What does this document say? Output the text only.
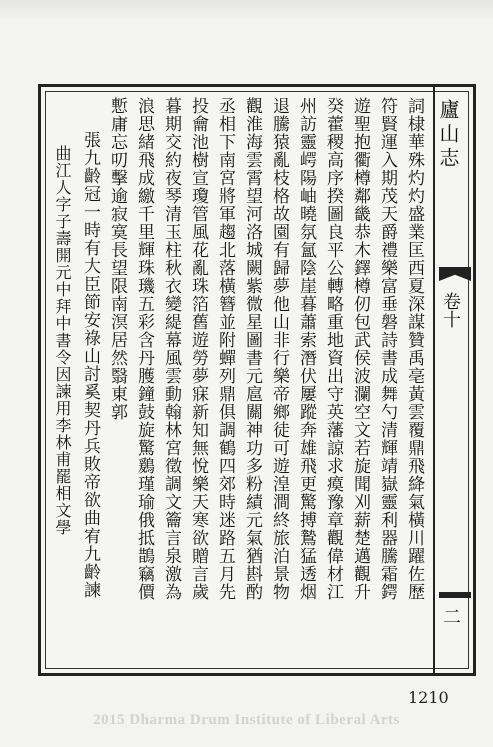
廬山志
卷十
二
詞棣華殊灼灼盛業匡西夏深謀贊禹亳黃雲覆鼎飛絳氣橫川躍佐歷
符賢運入期茂天爵禮樂富垂磐詩書成舞勺清輝靖嶽靈利器騰霜鍔
遊聖抱衢樽鄰畿恭木鐸樽仞包武侯波瀾空文若旋聞刈薪楚邁觀升
癸藿稷高序揆圖良平公轉略重地資出守英藩諒求瘼豫章觀偉材江
州訪靈崿陽岫曉氛氳陰崖暮蕭索潛伏屢蹤奔雄飛更驚搏鷙猛透烟
退騰猿亂枝格故園有歸夢他山非行樂帝鄉徒可遊湟澗終旅泊景物
觀淮海雲霄望河洛城闕紫微星圖書元扈關神功多粉績元氣猶斟酌
丞相下南宮將軍趨北落橫簪並附蟬列鼎俱調鶴四郊時迷路五月先
投龠池樹宣瓊管風花亂珠箔舊遊勞夢寐新知無悅樂天寒欲贈言歲
暮期交約夜琴清玉柱秋衣變緹幕風雲動翰林宮徵調文籥言泉激為
浪思緒飛成繳千里輝珠璣五彩含丹臒鐘鼓旋驚鶢瑾瑜俄抵鵲竊價
慙庸忘叨擊逾寂寞長望限南溟居然翳東郭
張九齡冠一時有大臣節安祿山討奚契丹兵敗帝欲曲宥九齡諫
曲江人字子壽開元中拜中書令因諫用李林甫罷相文學
1210
2015 Dharma Drum Institute of Liberal Arts
